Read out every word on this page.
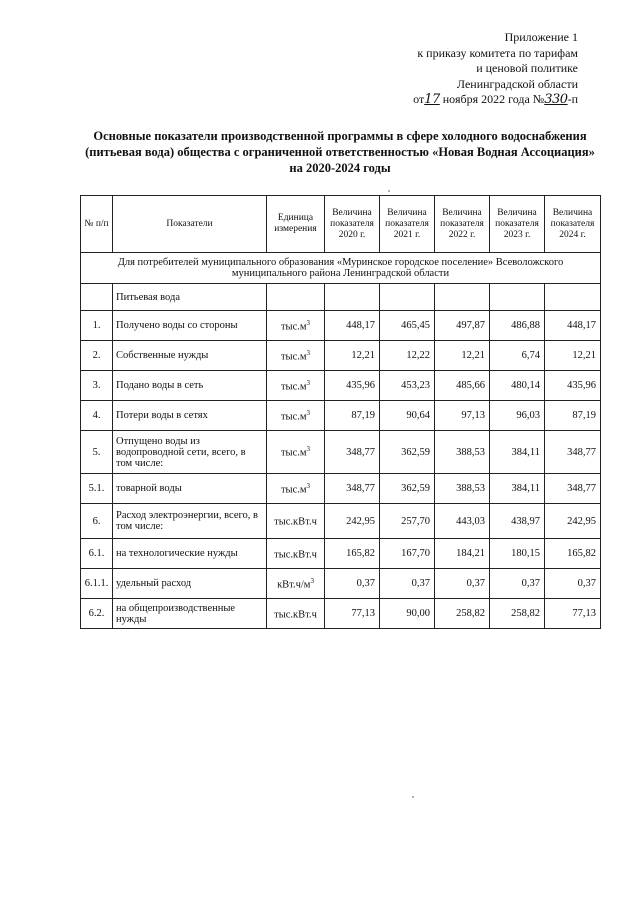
Приложение 1
к приказу комитета по тарифам
и ценовой политике
Ленинградской области
от17 ноября 2022 года №330-п
Основные показатели производственной программы в сфере холодного водоснабжения
(питьевая вода) общества с ограниченной ответственностью «Новая Водная Ассоциация»
на 2020-2024 годы
№ п/п	Показатели	Единица измерения	Величина показателя 2020 г.	Величина показателя 2021 г.	Величина показателя 2022 г.	Величина показателя 2023 г.	Величина показателя 2024 г.
Для потребителей муниципального образования «Муринское городское поселение» Всеволожского муниципального района Ленинградской области							
	Питьевая вода						
1.	Получено воды со стороны	$тыс.м^3$	448,17	465,45	497,87	486,88	448,17
2.	Собственные нужды	$тыс.м^3$	12,21	12,22	12,21	6,74	12,21
3.	Подано воды в сеть	$тыс.м^3$	435,96	453,23	485,66	480,14	435,96
4.	Потери воды в сетях	$тыс.м^3$	87,19	90,64	97,13	96,03	87,19
5.	Отпущено воды из водопроводной сети, всего, в том числе:	$тыс.м^3$	348,77	362,59	388,53	384,11	348,77
5.1.	товарной воды	$тыс.м^3$	348,77	362,59	388,53	384,11	348,77
6.	Расход электроэнергии, всего, в том числе:	тыс.кВт.ч	242,95	257,70	443,03	438,97	242,95
6.1.	на технологические нужды	тыс.кВт.ч	165,82	167,70	184,21	180,15	165,82
6.1.1.	удельный расход	$кВт.ч/м^3$	0,37	0,37	0,37	0,37	0,37
6.2.	на общепроизводственные нужды	тыс.кВт.ч	77,13	90,00	258,82	258,82	77,13
